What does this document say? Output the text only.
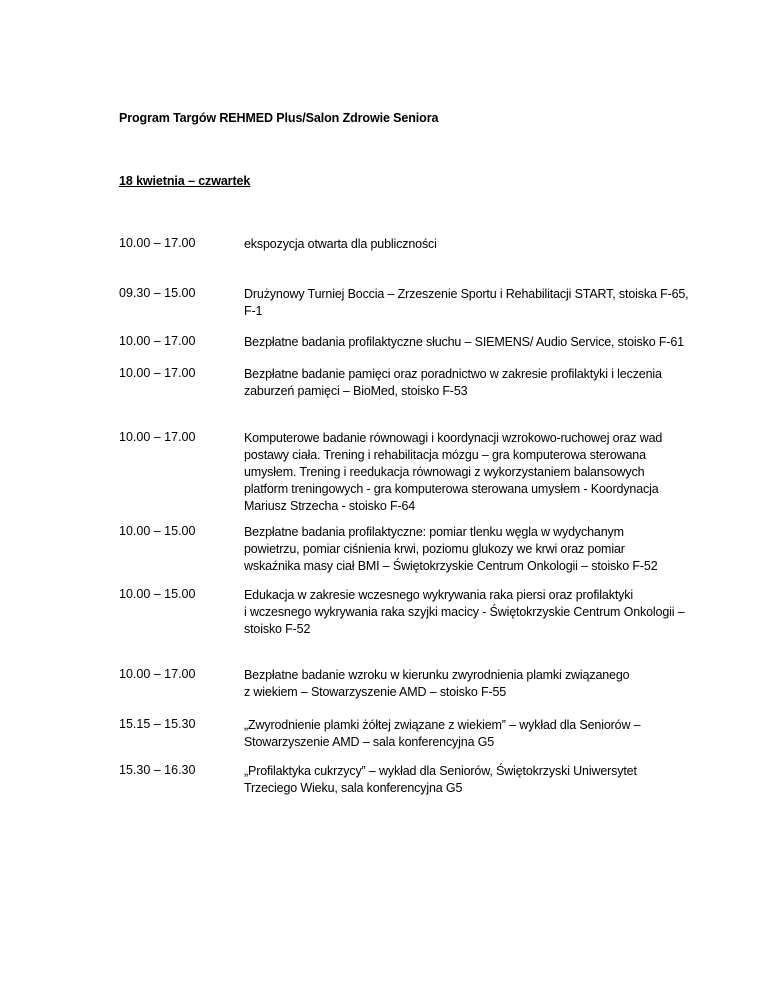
Program Targów REHMED Plus/Salon Zdrowie Seniora
18 kwietnia – czwartek
10.00 – 17.00	ekspozycja otwarta dla publiczności
09.30 – 15.00	Drużynowy Turniej Boccia – Zrzeszenie Sportu i Rehabilitacji START, stoiska F-65,
F-1
10.00 – 17.00	Bezpłatne badania profilaktyczne słuchu – SIEMENS/ Audio Service, stoisko F-61
10.00 – 17.00	Bezpłatne badanie pamięci oraz poradnictwo w zakresie profilaktyki i leczenia
zaburzeń pamięci – BioMed, stoisko F-53
10.00 – 17.00	Komputerowe badanie równowagi i koordynacji wzrokowo-ruchowej oraz wad
postawy ciała. Trening i rehabilitacja mózgu – gra komputerowa sterowana
umysłem. Trening i reedukacja równowagi z wykorzystaniem balansowych
platform treningowych - gra komputerowa sterowana umysłem - Koordynacja
Mariusz Strzecha - stoisko F-64
10.00 – 15.00	Bezpłatne badania profilaktyczne: pomiar tlenku węgla w wydychanym
powietrzu, pomiar ciśnienia krwi, poziomu glukozy we krwi oraz pomiar
wskaźnika masy ciał BMI – Świętokrzyskie Centrum Onkologii – stoisko F-52
10.00 – 15.00	Edukacja w zakresie wczesnego wykrywania raka piersi oraz profilaktyki
i wczesnego wykrywania raka szyjki macicy - Świętokrzyskie Centrum Onkologii –
stoisko F-52
10.00 – 17.00	Bezpłatne badanie wzroku w kierunku zwyrodnienia plamki związanego
z wiekiem – Stowarzyszenie AMD – stoisko F-55
15.15 – 15.30	„Zwyrodnienie plamki żółtej związane z wiekiem” – wykład dla Seniorów –
Stowarzyszenie AMD – sala konferencyjna G5
15.30 – 16.30	„Profilaktyka cukrzycy” – wykład dla Seniorów, Świętokrzyski Uniwersytet
Trzeciego Wieku, sala konferencyjna G5
